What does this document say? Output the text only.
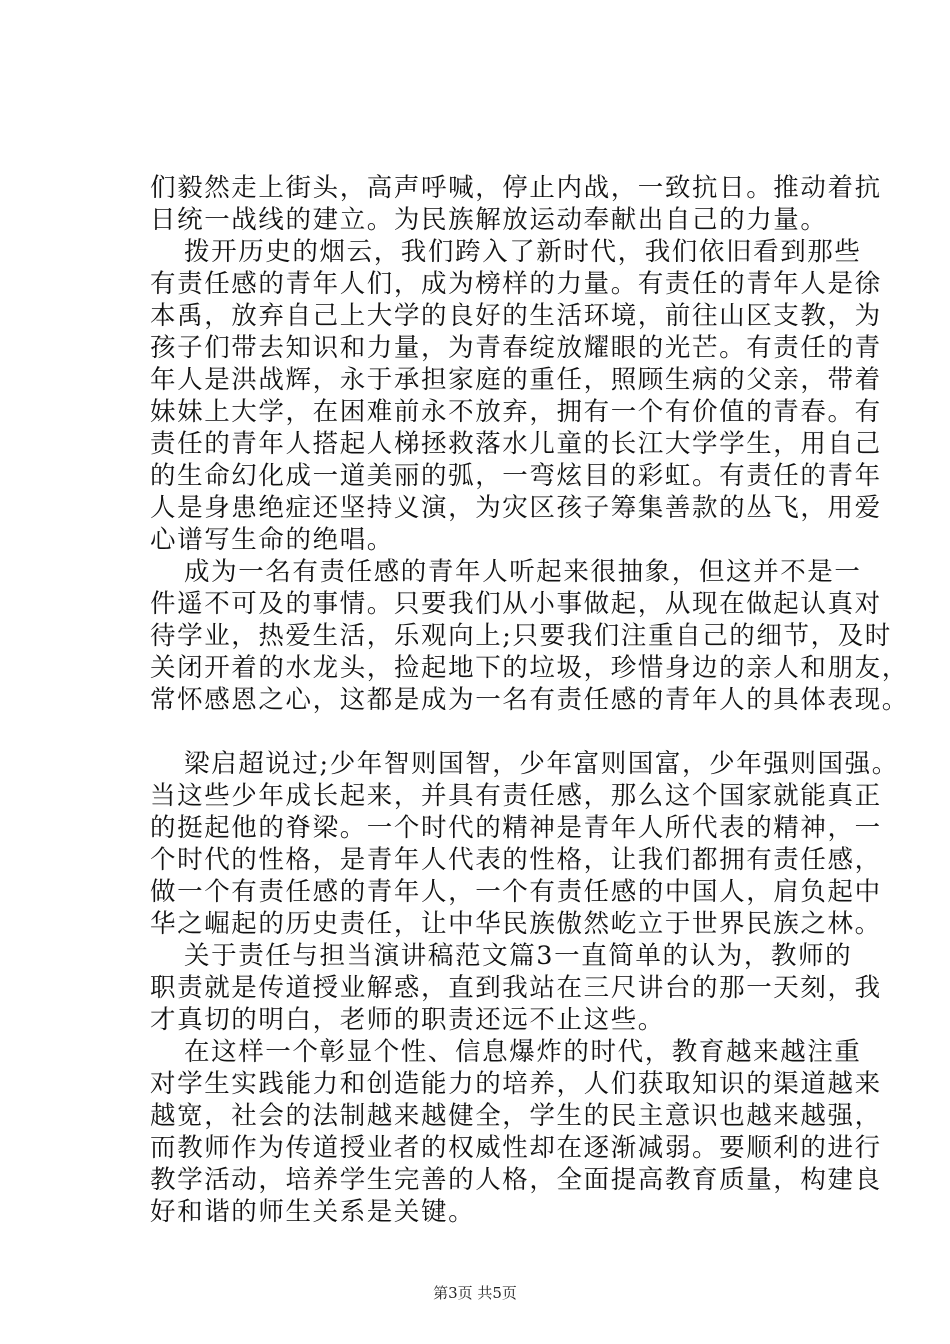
们毅然走上街头，高声呼喊，停止内战，一致抗日。推动着抗
日统一战线的建立。为民族解放运动奉献出自己的力量。
拨开历史的烟云，我们跨入了新时代，我们依旧看到那些
有责任感的青年人们，成为榜样的力量。有责任的青年人是徐
本禹，放弃自己上大学的良好的生活环境，前往山区支教，为
孩子们带去知识和力量，为青春绽放耀眼的光芒。有责任的青
年人是洪战辉，永于承担家庭的重任，照顾生病的父亲，带着
妹妹上大学，在困难前永不放弃，拥有一个有价值的青春。有
责任的青年人搭起人梯拯救落水儿童的长江大学学生，用自己
的生命幻化成一道美丽的弧，一弯炫目的彩虹。有责任的青年
人是身患绝症还坚持义演，为灾区孩子筹集善款的丛飞，用爱
心谱写生命的绝唱。
成为一名有责任感的青年人听起来很抽象，但这并不是一
件遥不可及的事情。只要我们从小事做起，从现在做起认真对
待学业，热爱生活，乐观向上;只要我们注重自己的细节，及时
关闭开着的水龙头，捡起地下的垃圾，珍惜身边的亲人和朋友，
常怀感恩之心，这都是成为一名有责任感的青年人的具体表现。
梁启超说过;少年智则国智，少年富则国富，少年强则国强。
当这些少年成长起来，并具有责任感，那么这个国家就能真正
的挺起他的脊梁。一个时代的精神是青年人所代表的精神，一
个时代的性格，是青年人代表的性格，让我们都拥有责任感，
做一个有责任感的青年人，一个有责任感的中国人，肩负起中
华之崛起的历史责任，让中华民族傲然屹立于世界民族之林。
关于责任与担当演讲稿范文篇3一直简单的认为，教师的
职责就是传道授业解惑，直到我站在三尺讲台的那一天刻，我
才真切的明白，老师的职责还远不止这些。
在这样一个彰显个性、信息爆炸的时代，教育越来越注重
对学生实践能力和创造能力的培养，人们获取知识的渠道越来
越宽，社会的法制越来越健全，学生的民主意识也越来越强，
而教师作为传道授业者的权威性却在逐渐减弱。要顺利的进行
教学活动，培养学生完善的人格，全面提高教育质量，构建良
好和谐的师生关系是关键。
第3页 共5页
